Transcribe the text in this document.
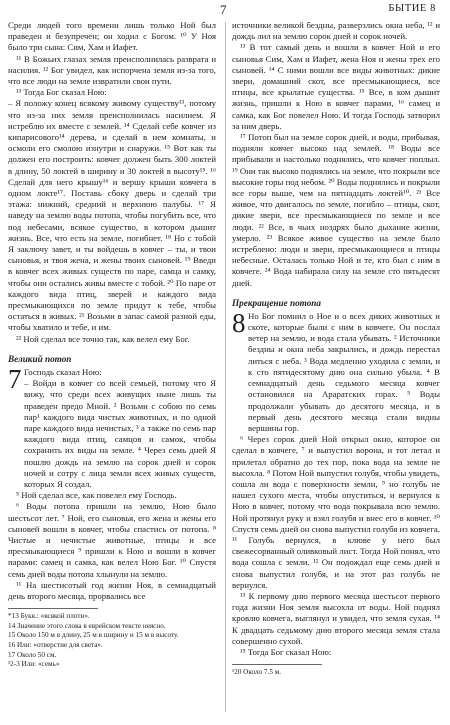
7	БЫТИЕ 8

Среди людей того времени лишь только Ной был праведен и безупречен; он ходил с Богом. ¹⁰ У Ноя было три сына: Сим, Хам и Иафет.

¹¹ В Божьих глазах земля преисполнилась разврата и насилия. ¹² Бог увидел, как испорчена земля из-за того, что все люди на земле извратили свои пути.

¹³ Тогда Бог сказал Ною:

– Я положу конец всякому живому существу¹³, потому что из-за них земля преисполнилась насилием. Я истреблю их вместе с землей. ¹⁴ Сделай себе ковчег из кипарисового¹⁴ дерева, и сделай в нем комнаты, и осмоли его смолою изнутри и снаружи. ¹⁵ Вот как ты должен его построить: ковчег должен быть 300 локтей в длину, 50 локтей в ширину и 30 локтей в высоту¹⁵. ¹⁶ Сделай для него крышу¹⁶ и вершу крыши ковчега в одном локте¹⁷. Поставь сбоку дверь и сделай три этажа: нижний, средний и верхнюю палубы. ¹⁷ Я наведу на землю воды потопа, чтобы погубить все, что под небесами, всякое существо, в котором дышит жизнь. Все, что есть на земле, погибнет. ¹⁸ Но с тобой Я заключу завет, и ты войдешь в ковчег – ты, и твои сыновья, и твоя жена, и жены твоих сыновей. ¹⁹ Введи в ковчег всех живых существ по паре, самца и самку, чтобы они остались живы вместе с тобой. ²⁰ По паре от каждого вида птиц, зверей и каждого вида пресмыкающихся по земле придут к тебе, чтобы остаться в живых. ²¹ Возьми в запас самой разной еды, чтобы хватило и тебе, и им.

²² Ной сделал все точно так, как велел ему Бог.

Великий потоп
7 Господь сказал Ною:

– Войди в ковчег со всей семьей, потому что Я вижу, что среди всех живущих ныне лишь ты праведен предо Мной. ² Возьми с собою по семь пар¹ каждого вида чистых животных, и по одной паре каждого вида нечистых, ³ а также по семь пар каждого вида птиц, самцов и самок, чтобы сохранить их виды на земле. ⁴ Через семь дней Я пошлю дождь на землю на сорок дней и сорок ночей и сотру с лица земли всех живых существ, которых Я создал.

⁵ Ной сделал все, как повелел ему Господь.

⁶ Воды потопа пришли на землю, Ною было шестьсот лет. ⁷ Ной, его сыновья, его жена и жены его сыновей вошли в ковчег, чтобы спастись от потопа. ⁸ Чистые и нечистые животные, птицы и все пресмыкающиеся ⁹ пришли к Ною и вошли в ковчег парами: самец и самка, как велел Ною Бог. ¹⁰ Спустя семь дней воды потопа хлынули на землю.

¹¹ На шестисотый год жизни Ноя, в семнадцатый день второго месяца, прорвались все

*13 Букв.: «всякой плоти».

14 Значение этого слова в еврейском тексте неясно.

15 Около 150 м в длину, 25 м в ширину и 15 м в высоту.

16 Или: «отверстие для света».

17 Около 50 см.

¹2-3 Или: «семь»

источники великой бездны, разверзлись окна неба, ¹² и дождь лил на землю сорок дней и сорок ночей.

¹³ В тот самый день и вошли в ковчег Ной и его сыновья Сим, Хам и Иафет, жена Ноя и жены трех его сыновей. ¹⁴ С ними вошли все виды животных: дикие звери, домашний скот, все пресмыкающиеся, все птицы, все крылатые существа. ¹⁵ Все, в ком дышит жизнь, пришли к Ною в ковчег парами, ¹⁶ самец и самка, как Бог повелел Ною. И тогда Господь затворил за ним дверь.

¹⁷ Потоп был на земле сорок дней, и воды, прибывая, подняли ковчег высоко над землей. ¹⁸ Воды все прибывали и настолько поднялись, что ковчег поплыл. ¹⁹ Они так высоко поднялись на земле, что покрыли все высокие горы под небом. ²⁰ Воды поднялись и покрыли все горы выше, чем на пятнадцать локтей¹⁰. ²¹ Все живое, что двигалось по земле, погибло – птицы, скот, дикие звери, все пресмыкающиеся по земле и все люди. ²² Все, в чьих ноздрях было дыхание жизни, умерло. ²³ Всякое живое существо на земле было истреблено: люди и звери, пресмыкающиеся и птицы небесные. Осталась только Ной и те, кто был с ним в ковчеге. ²⁴ Вода набирала силу на земле сто пятьдесят дней.

Прекращение потопа
8 Но Бог помнил о Ное и о всех диких животных и скоте, которые были с ним в ковчеге. Он послал ветер на землю, и вода стала убывать. ² Источники бездны и окна неба закрылись, и дождь перестал литься с неба. ³ Вода медленно уходила с земли, и к сто пятидесятому дню она сильно убыла. ⁴ В семнадцатый день седьмого месяца ковчег остановился на Араратских горах. ⁵ Воды продолжали убывать до десятого месяца, и в первый день десятого месяца стали видны вершины гор.

⁶ Через сорок дней Ной открыл окно, которое он сделал в ковчеге, ⁷ и выпустил ворона, и тот летал и прилетал обратно до тех пор, пока вода на земле не высохла. ⁸ Потом Ной выпустил голубя, чтобы увидеть, сошла ли вода с поверхности земли, ⁹ но голубь не нашел сухого места, чтобы опуститься, и вернулся к Ною в ковчег, потому что вода покрывала всю землю. Ной протянул руку и взял голубя и внес его в ковчег. ¹⁰ Спустя семь дней он снова выпустил голубя из ковчега. ¹¹ Голубь вернулся, в клюве у него был свежесорванный оливковый лист. Тогда Ной понял, что вода сошла с земли. ¹² Он подождал еще семь дней и снова выпустил голубя, и на этот раз голубь не вернулся.

¹³ К первому дню первого месяца шестьсот первого года жизни Ноя земля высохла от воды. Ной поднял кровлю ковчега, выглянул и увидел, что земля сухая. ¹⁴ К двадцать седьмому дню второго месяца земля стала совершенно сухой.

¹⁵ Тогда Бог сказал Ною:

¹20 Около 7.5 м.
